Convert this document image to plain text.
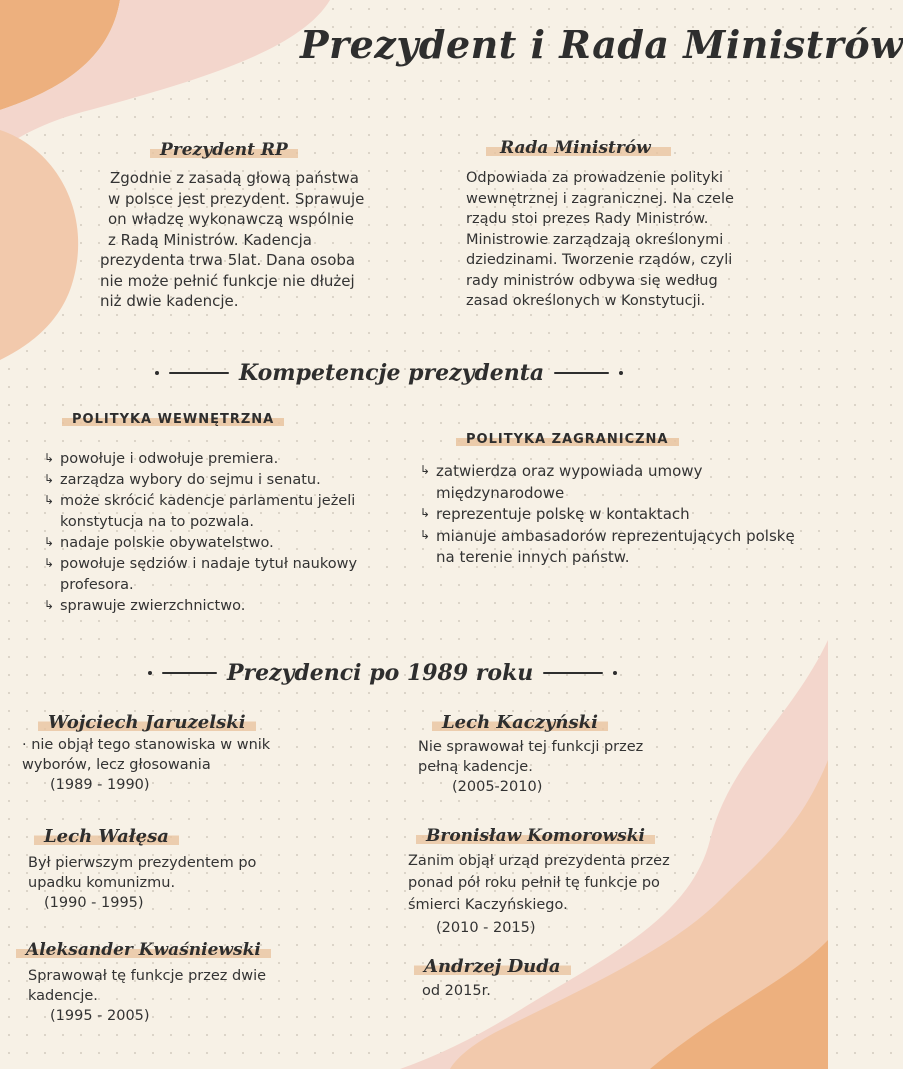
Prezydent i Rada Ministrów
Prezydent RP
Zgodnie z zasadą głową państwa
w polsce jest prezydent. Sprawuje
on władzę wykonawczą wspólnie
z Radą Ministrów. Kadencja
prezydenta trwa 5lat. Dana osoba
nie może pełnić funkcje nie dłużej
niż dwie kadencje.
Rada Ministrów
Odpowiada za prowadzenie polityki
wewnętrznej i zagranicznej. Na czele
rządu stoi prezes Rady Ministrów.
Ministrowie zarządzają określonymi
dziedzinami. Tworzenie rządów, czyli
rady ministrów odbywa się według
zasad określonych w Konstytucji.
Kompetencje prezydenta
POLITYKA WEWNĘTRZNA
↳ powołuje i odwołuje premiera.
↳ zarządza wybory do sejmu i senatu.
↳ może skrócić kadencje parlamentu jeżeli konstytucja na to pozwala.
↳ nadaje polskie obywatelstwo.
↳ powołuje sędziów i nadaje tytuł naukowy profesora.
↳ sprawuje zwierzchnictwo.
POLITYKA ZAGRANICZNA
↳ zatwierdza oraz wypowiada umowy międzynarodowe
↳ reprezentuje polskę w kontaktach
↳ mianuje ambasadorów reprezentujących polskę na terenie innych państw.
Prezydenci po 1989 roku
Wojciech Jaruzelski
· nie objął tego stanowiska w wnik wyborów, lecz głosowania
(1989 - 1990)
Lech Wałęsa
Był pierwszym prezydentem po upadku komunizmu.
(1990 - 1995)
Aleksander Kwaśniewski
Sprawował tę funkcje przez dwie kadencje.
(1995 - 2005)
Lech Kaczyński
Nie sprawował tej funkcji przez pełną kadencje.
(2005-2010)
Bronisław Komorowski
Zanim objął urząd prezydenta przez ponad pół roku pełnił tę funkcje po śmierci Kaczyńskiego.
(2010 - 2015)
Andrzej Duda
od 2015r.
